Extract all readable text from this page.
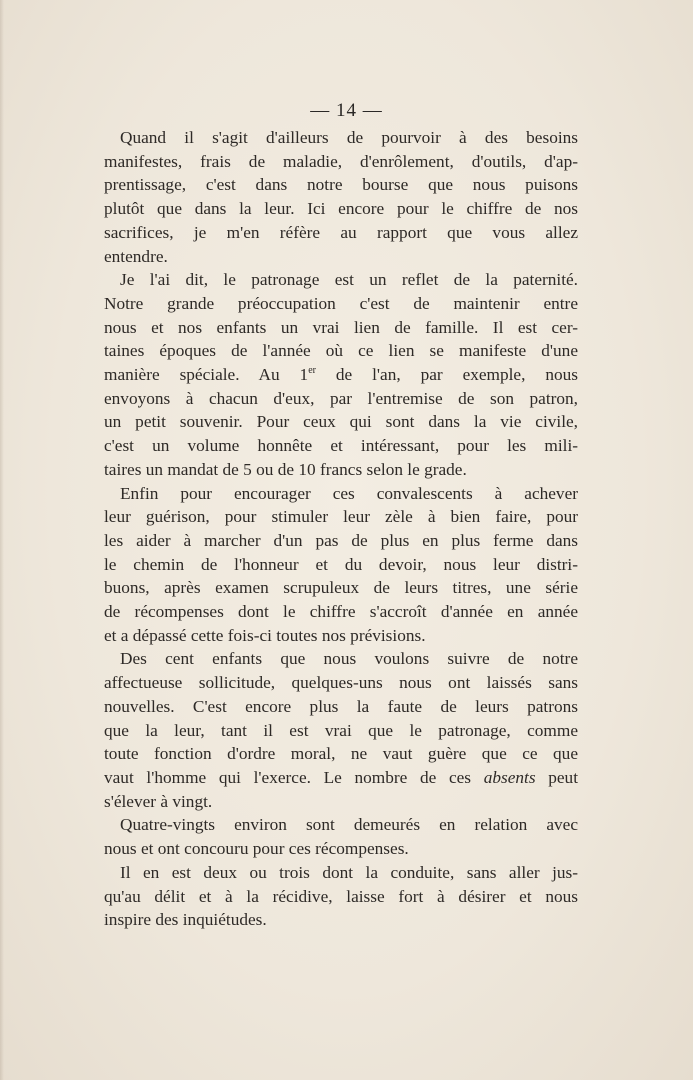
— 14 —
Quand il s'agit d'ailleurs de pourvoir à des besoins
manifestes, frais de maladie, d'enrôlement, d'outils, d'ap-
prentissage, c'est dans notre bourse que nous puisons
plutôt que dans la leur. Ici encore pour le chiffre de nos
sacrifices, je m'en réfère au rapport que vous allez
entendre.
Je l'ai dit, le patronage est un reflet de la paternité.
Notre grande préoccupation c'est de maintenir entre
nous et nos enfants un vrai lien de famille. Il est cer-
taines époques de l'année où ce lien se manifeste d'une
manière spéciale. Au 1er de l'an, par exemple, nous
envoyons à chacun d'eux, par l'entremise de son patron,
un petit souvenir. Pour ceux qui sont dans la vie civile,
c'est un volume honnête et intéressant, pour les mili-
taires un mandat de 5 ou de 10 francs selon le grade.
Enfin pour encourager ces convalescents à achever
leur guérison, pour stimuler leur zèle à bien faire, pour
les aider à marcher d'un pas de plus en plus ferme dans
le chemin de l'honneur et du devoir, nous leur distri-
buons, après examen scrupuleux de leurs titres, une série
de récompenses dont le chiffre s'accroît d'année en année
et a dépassé cette fois-ci toutes nos prévisions.
Des cent enfants que nous voulons suivre de notre
affectueuse sollicitude, quelques-uns nous ont laissés sans
nouvelles. C'est encore plus la faute de leurs patrons
que la leur, tant il est vrai que le patronage, comme
toute fonction d'ordre moral, ne vaut guère que ce que
vaut l'homme qui l'exerce. Le nombre de ces absents peut
s'élever à vingt.
Quatre-vingts environ sont demeurés en relation avec
nous et ont concouru pour ces récompenses.
Il en est deux ou trois dont la conduite, sans aller jus-
qu'au délit et à la récidive, laisse fort à désirer et nous
inspire des inquiétudes.
